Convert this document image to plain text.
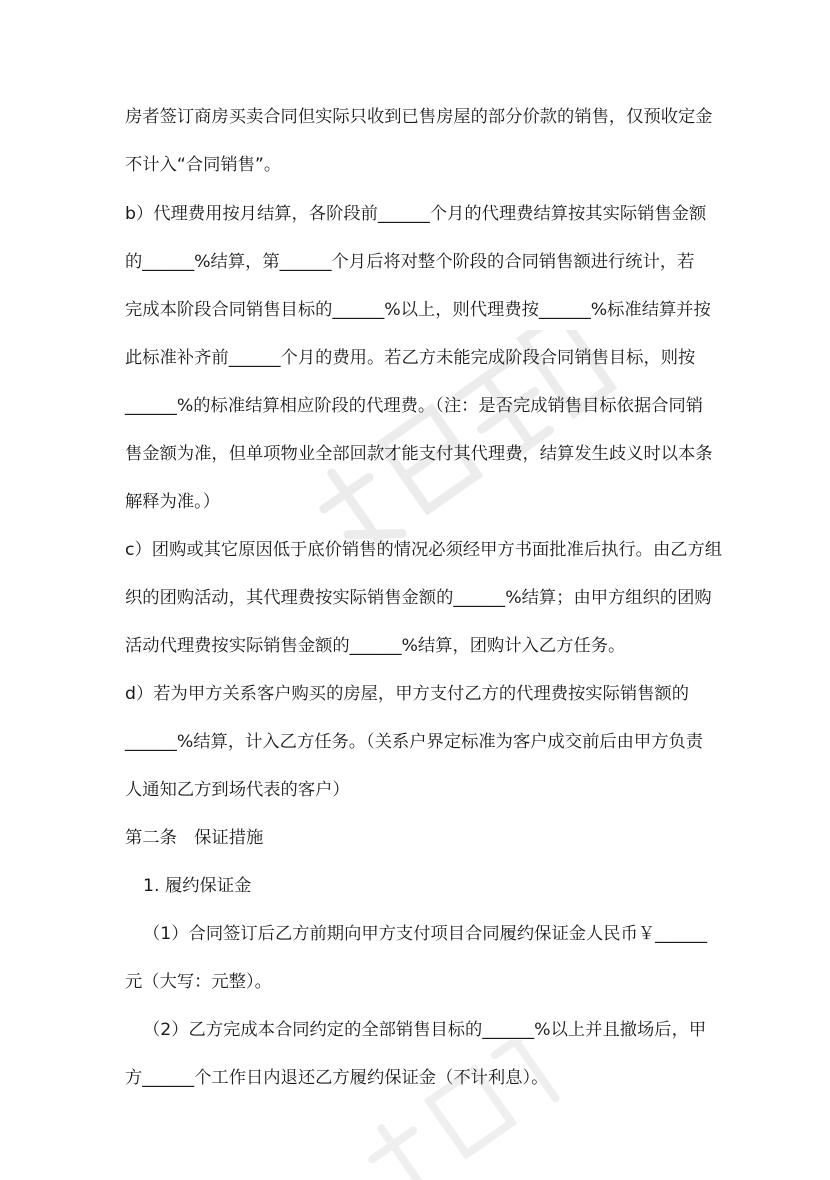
房者签订商房买卖合同但实际只收到已售房屋的部分价款的销售，仅预收定金
不计入“合同销售”。
b）代理费用按月结算，各阶段前______个月的代理费结算按其实际销售金额
的______%结算，第______个月后将对整个阶段的合同销售额进行统计，若
完成本阶段合同销售目标的______%以上，则代理费按______%标准结算并按
此标准补齐前______个月的费用。若乙方未能完成阶段合同销售目标，则按
______%的标准结算相应阶段的代理费。（注：是否完成销售目标依据合同销
售金额为准，但单项物业全部回款才能支付其代理费，结算发生歧义时以本条
解释为准。）
c）团购或其它原因低于底价销售的情况必须经甲方书面批准后执行。由乙方组
织的团购活动，其代理费按实际销售金额的______%结算；由甲方组织的团购
活动代理费按实际销售金额的______%结算，团购计入乙方任务。
d）若为甲方关系客户购买的房屋，甲方支付乙方的代理费按实际销售额的
______%结算，计入乙方任务。（关系户界定标准为客户成交前后由甲方负责
人通知乙方到场代表的客户）
第二条　保证措施
1. 履约保证金
（1）合同签订后乙方前期向甲方支付项目合同履约保证金人民币￥______
元（大写：元整）。
（2）乙方完成本合同约定的全部销售目标的______%以上并且撤场后，甲
方______个工作日内退还乙方履约保证金（不计利息）。
